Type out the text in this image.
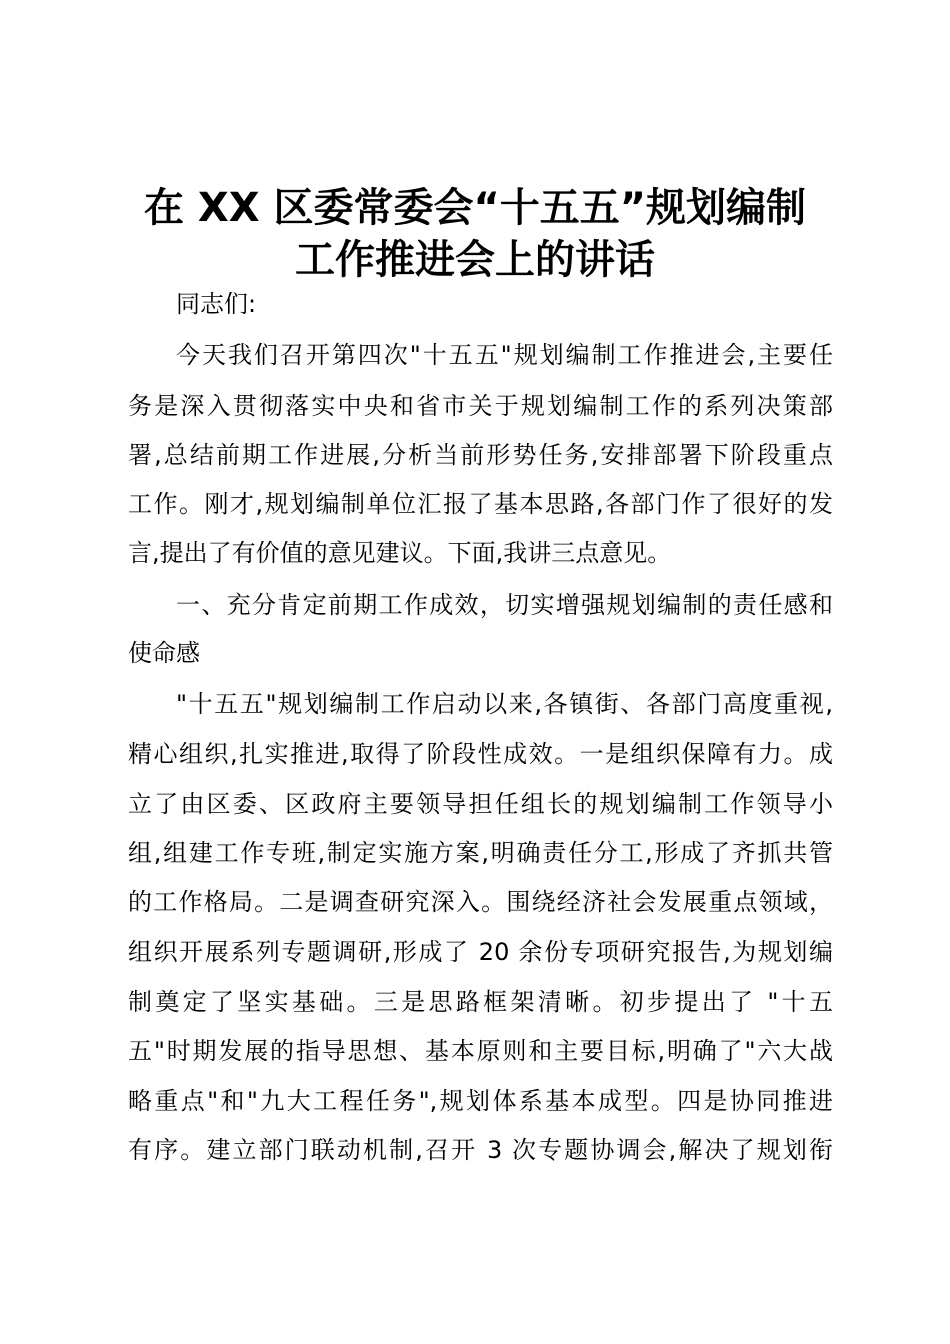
在 XX 区委常委会“十五五”规划编制
工作推进会上的讲话
同志们:
今天我们召开第四次"十五五"规划编制工作推进会,主要任
务是深入贯彻落实中央和省市关于规划编制工作的系列决策部
署,总结前期工作进展,分析当前形势任务,安排部署下阶段重点
工作。刚才,规划编制单位汇报了基本思路,各部门作了很好的发
言,提出了有价值的意见建议。下面,我讲三点意见。
一、充分肯定前期工作成效，切实增强规划编制的责任感和
使命感
"十五五"规划编制工作启动以来,各镇街、各部门高度重视,
精心组织,扎实推进,取得了阶段性成效。一是组织保障有力。成
立了由区委、区政府主要领导担任组长的规划编制工作领导小
组,组建工作专班,制定实施方案,明确责任分工,形成了齐抓共管
的工作格局。二是调查研究深入。围绕经济社会发展重点领域，
组织开展系列专题调研,形成了 20 余份专项研究报告,为规划编
制奠定了坚实基础。三是思路框架清晰。初步提出了 "十五
五"时期发展的指导思想、基本原则和主要目标,明确了"六大战
略重点"和"九大工程任务",规划体系基本成型。四是协同推进
有序。建立部门联动机制,召开 3 次专题协调会,解决了规划衔
